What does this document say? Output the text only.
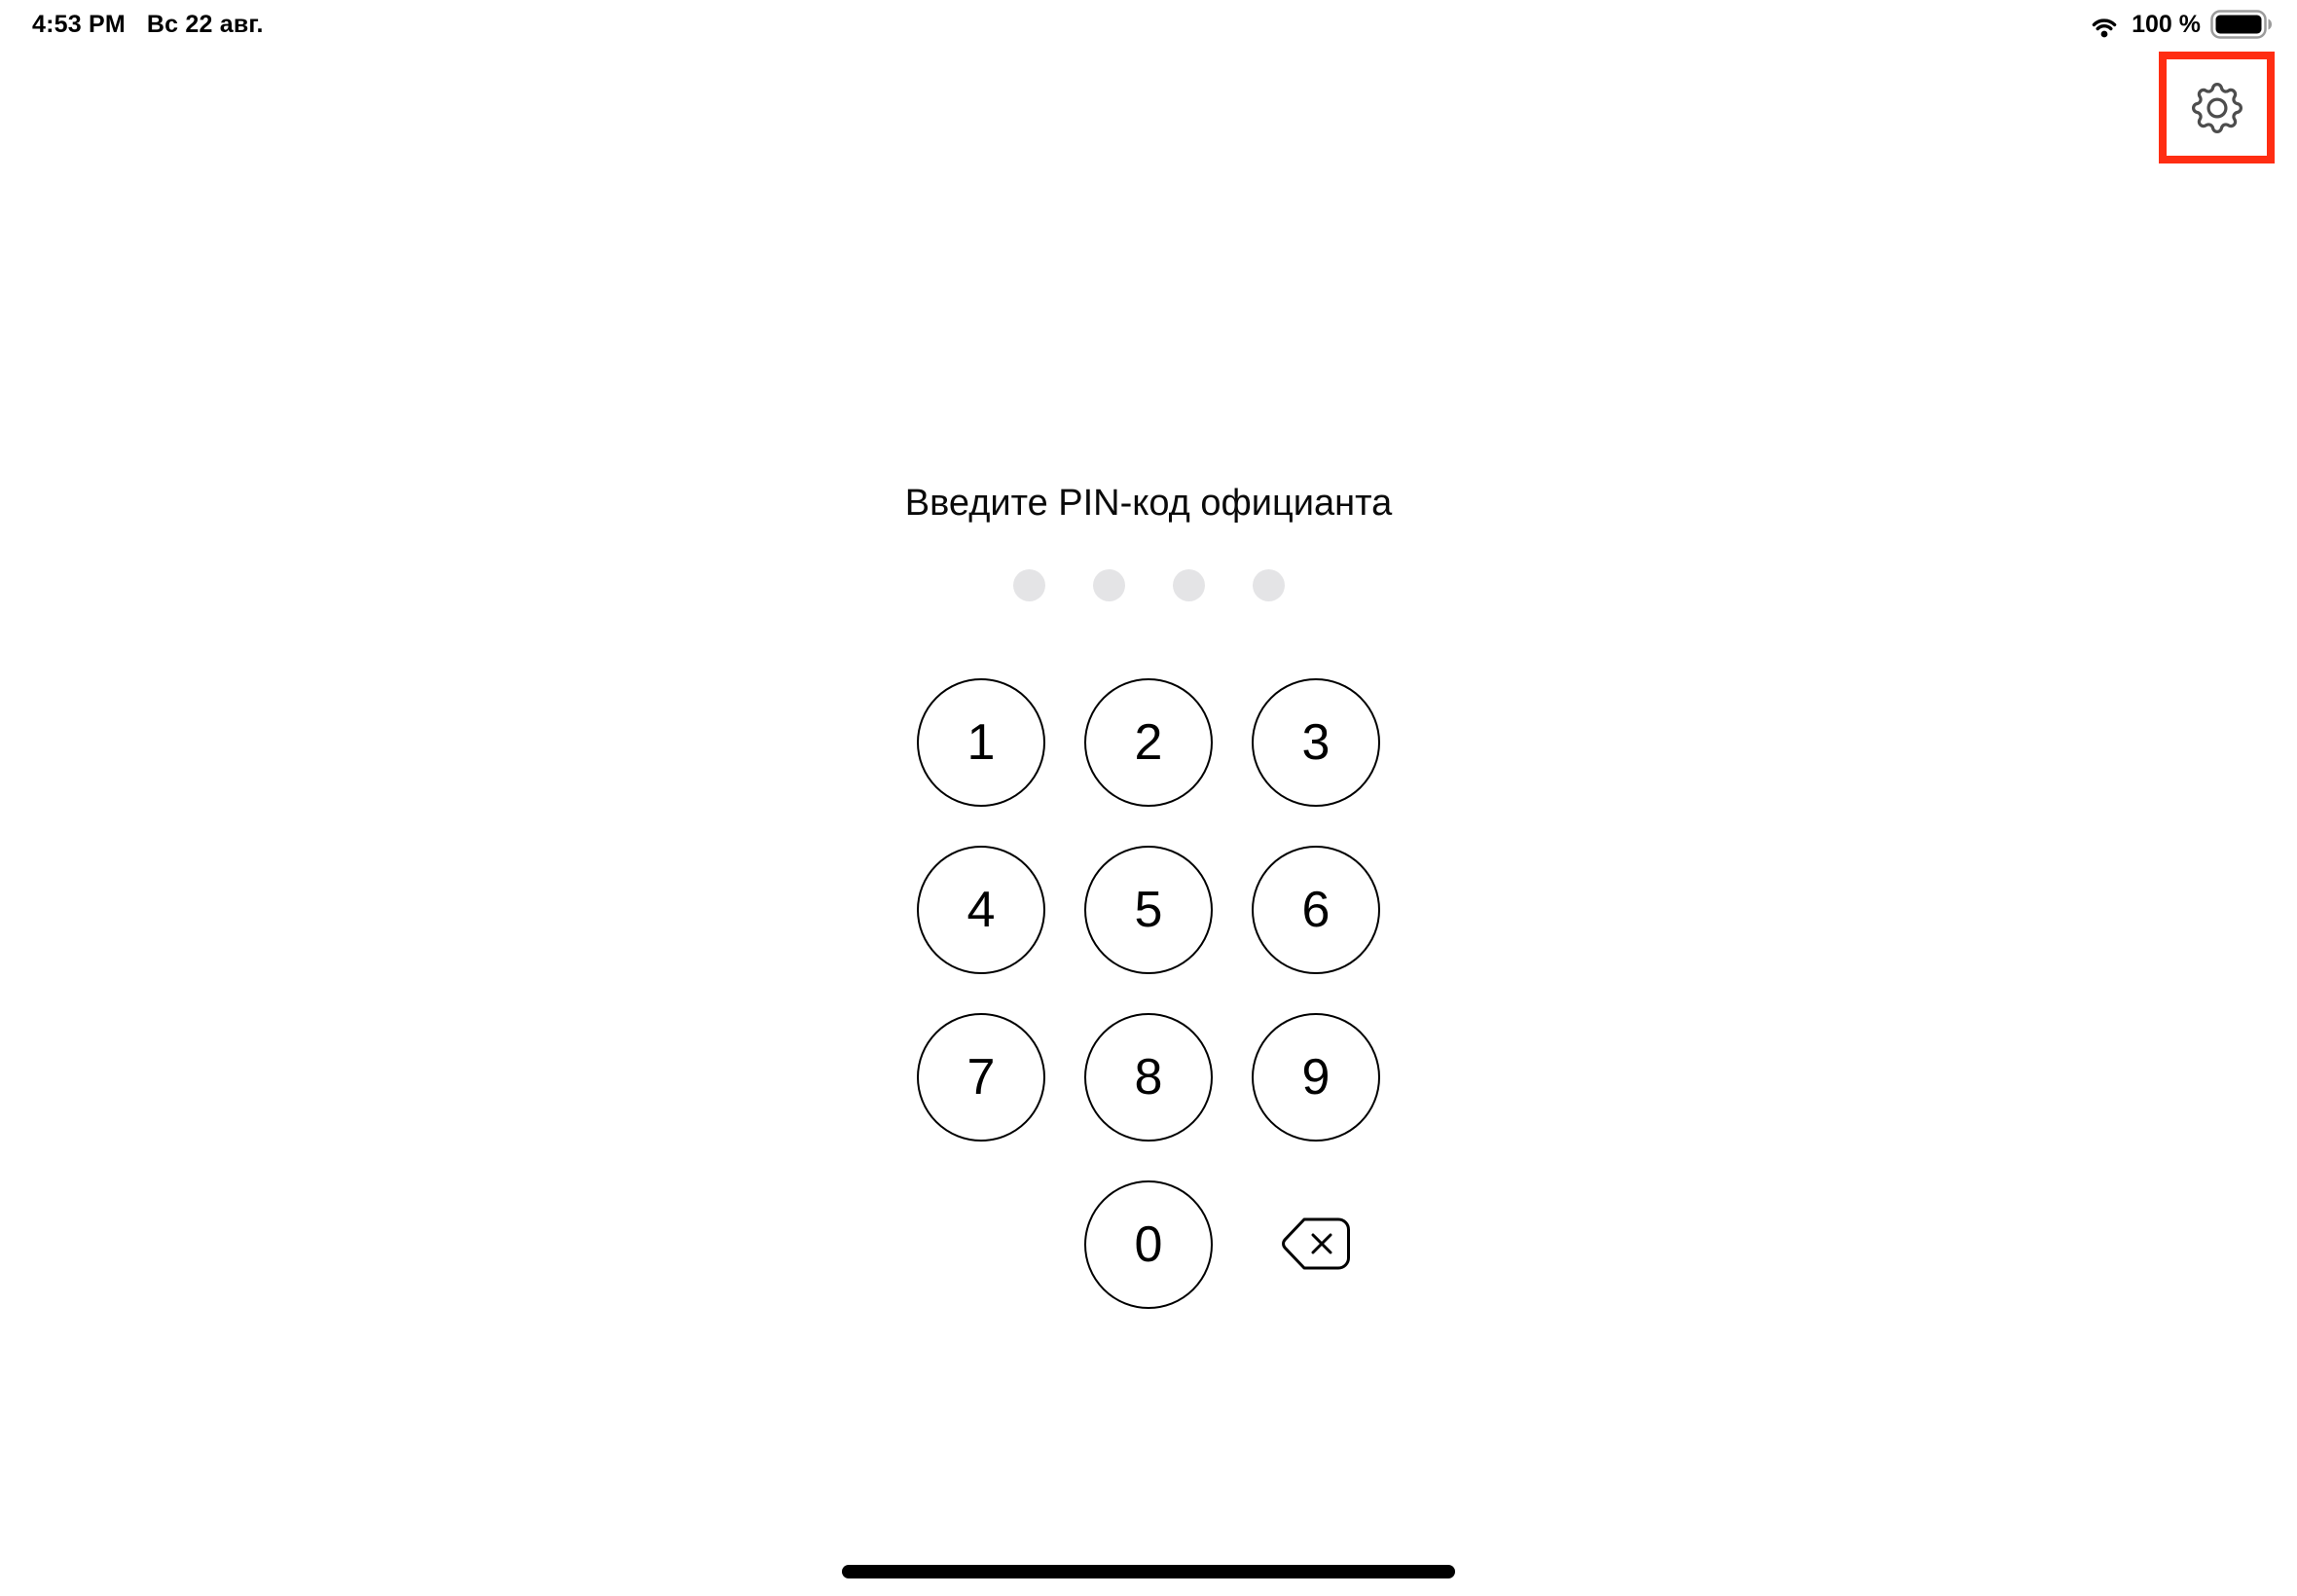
4:53 PM Вс 22 авг.	100 %
Введите PIN-код официанта
1	2	3
4	5	6
7	8	9
0
